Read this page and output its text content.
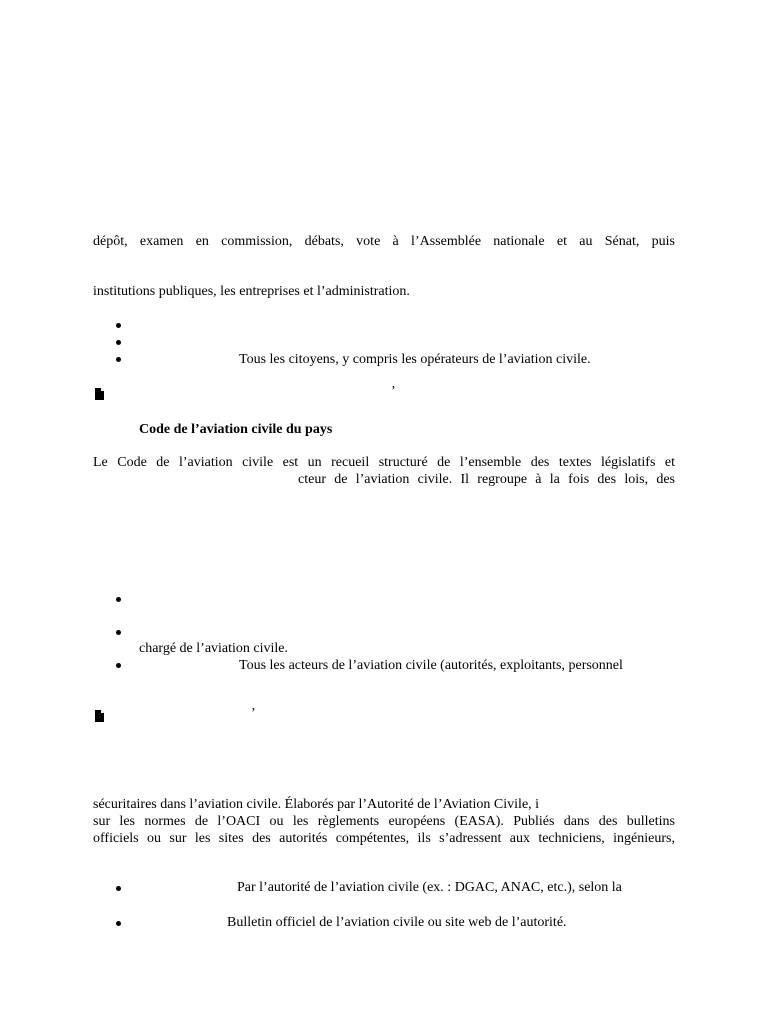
dépôt, examen en commission, débats, vote à l’Assemblée nationale et au Sénat, puis
institutions publiques, les entreprises et l’administration.
Tous les citoyens, y compris les opérateurs de l’aviation civile.
’
Code de l’aviation civile du pays
Le Code de l’aviation civile est un recueil structuré de l’ensemble des textes législatifs et
cteur de l’aviation civile. Il regroupe à la fois des lois, des
chargé de l’aviation civile.
Tous les acteurs de l’aviation civile (autorités, exploitants, personnel
’
sécuritaires dans l’aviation civile. Élaborés par l’Autorité de l’Aviation Civile, i
sur les normes de l’OACI ou les règlements européens (EASA). Publiés dans des bulletins
officiels ou sur les sites des autorités compétentes, ils s’adressent aux techniciens, ingénieurs,
Par l’autorité de l’aviation civile (ex. : DGAC, ANAC, etc.), selon la
Bulletin officiel de l’aviation civile ou site web de l’autorité.
